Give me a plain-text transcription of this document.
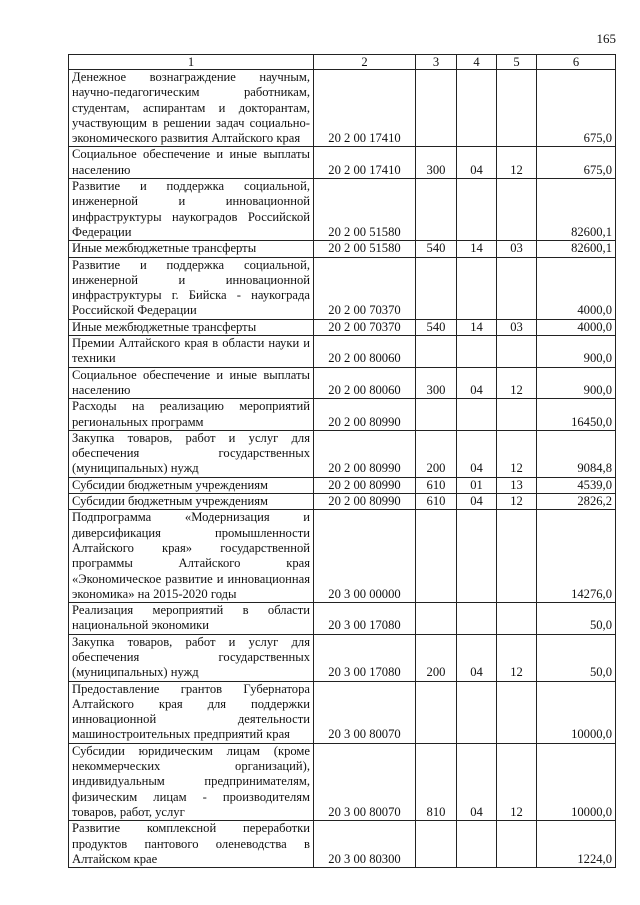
165
1	2	3	4	5	6
Денежное вознаграждение научным, научно-педагогическим работникам, студентам, аспирантам и докторантам, участвующим в решении задач социально-экономического развития Алтайского края	20 2 00 17410				675,0
Социальное обеспечение и иные выплаты населению	20 2 00 17410	300	04	12	675,0
Развитие и поддержка социальной, инженерной и инновационной инфраструктуры наукоградов Российской Федерации	20 2 00 51580				82600,1
Иные межбюджетные трансферты	20 2 00 51580	540	14	03	82600,1
Развитие и поддержка социальной, инженерной и инновационной инфраструктуры г. Бийска - наукограда Российской Федерации	20 2 00 70370				4000,0
Иные межбюджетные трансферты	20 2 00 70370	540	14	03	4000,0
Премии Алтайского края в области науки и техники	20 2 00 80060				900,0
Социальное обеспечение и иные выплаты населению	20 2 00 80060	300	04	12	900,0
Расходы на реализацию мероприятий региональных программ	20 2 00 80990				16450,0
Закупка товаров, работ и услуг для обеспечения государственных (муниципальных) нужд	20 2 00 80990	200	04	12	9084,8
Субсидии бюджетным учреждениям	20 2 00 80990	610	01	13	4539,0
Субсидии бюджетным учреждениям	20 2 00 80990	610	04	12	2826,2
Подпрограмма «Модернизация и диверсификация промышленности Алтайского края» государственной программы Алтайского края «Экономическое развитие и инновационная экономика» на 2015-2020 годы	20 3 00 00000				14276,0
Реализация мероприятий в области национальной экономики	20 3 00 17080				50,0
Закупка товаров, работ и услуг для обеспечения государственных (муниципальных) нужд	20 3 00 17080	200	04	12	50,0
Предоставление грантов Губернатора Алтайского края для поддержки инновационной деятельности машиностроительных предприятий края	20 3 00 80070				10000,0
Субсидии юридическим лицам (кроме некоммерческих организаций), индивидуальным предпринимателям, физическим лицам - производителям товаров, работ, услуг	20 3 00 80070	810	04	12	10000,0
Развитие комплексной переработки продуктов пантового оленеводства в Алтайском крае	20 3 00 80300				1224,0
